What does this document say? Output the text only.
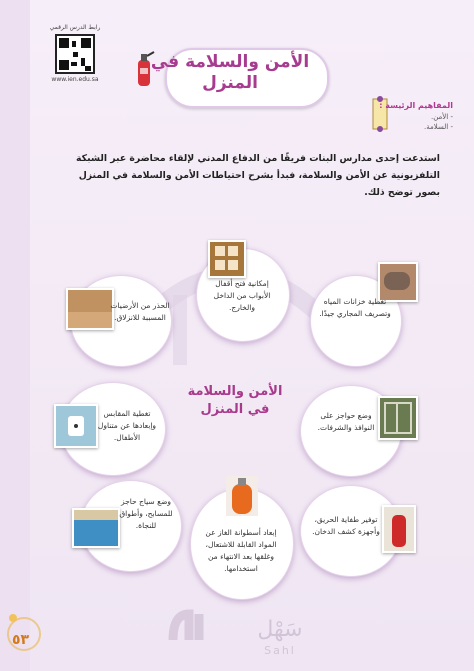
رابط الدرس الرقمي
www.ien.edu.sa
الأمن والسلامة في
المنزل
المفاهيم الرئيسة :
- الأمن.
- السلامة.
استدعت إحدى مدارس البنات فريقًا من الدفاع المدني لإلقاء محاضرة عبر الشبكة التلفزيونية عن الأمن والسلامة، فبدأ بشرح احتياطات الأمن والسلامة في المنزل بصور توضح ذلك.
إمكانية فتح أقفال الأبواب من الداخل والخارج.
تغطية خزانات المياه وتصريف المجاري جيدًا.
الحذر من الأرضيات المسببة للانزلاق.
وضع حواجز على النوافذ والشرفات.
تغطية المقابس وإبعادها عن متناول الأطفال.
الأمن والسلامة
في المنزل
توفير طفاية الحريق، وأجهزة كشف الدخان.
إبعاد أسطوانة الغاز عن المواد القابلة للاشتعال، وغلقها بعد الانتهاء من استخدامها.
وضع سياج حاجز للمسابح، وأطواق للنجاة.
٥٣	سَهْل
Sahl
